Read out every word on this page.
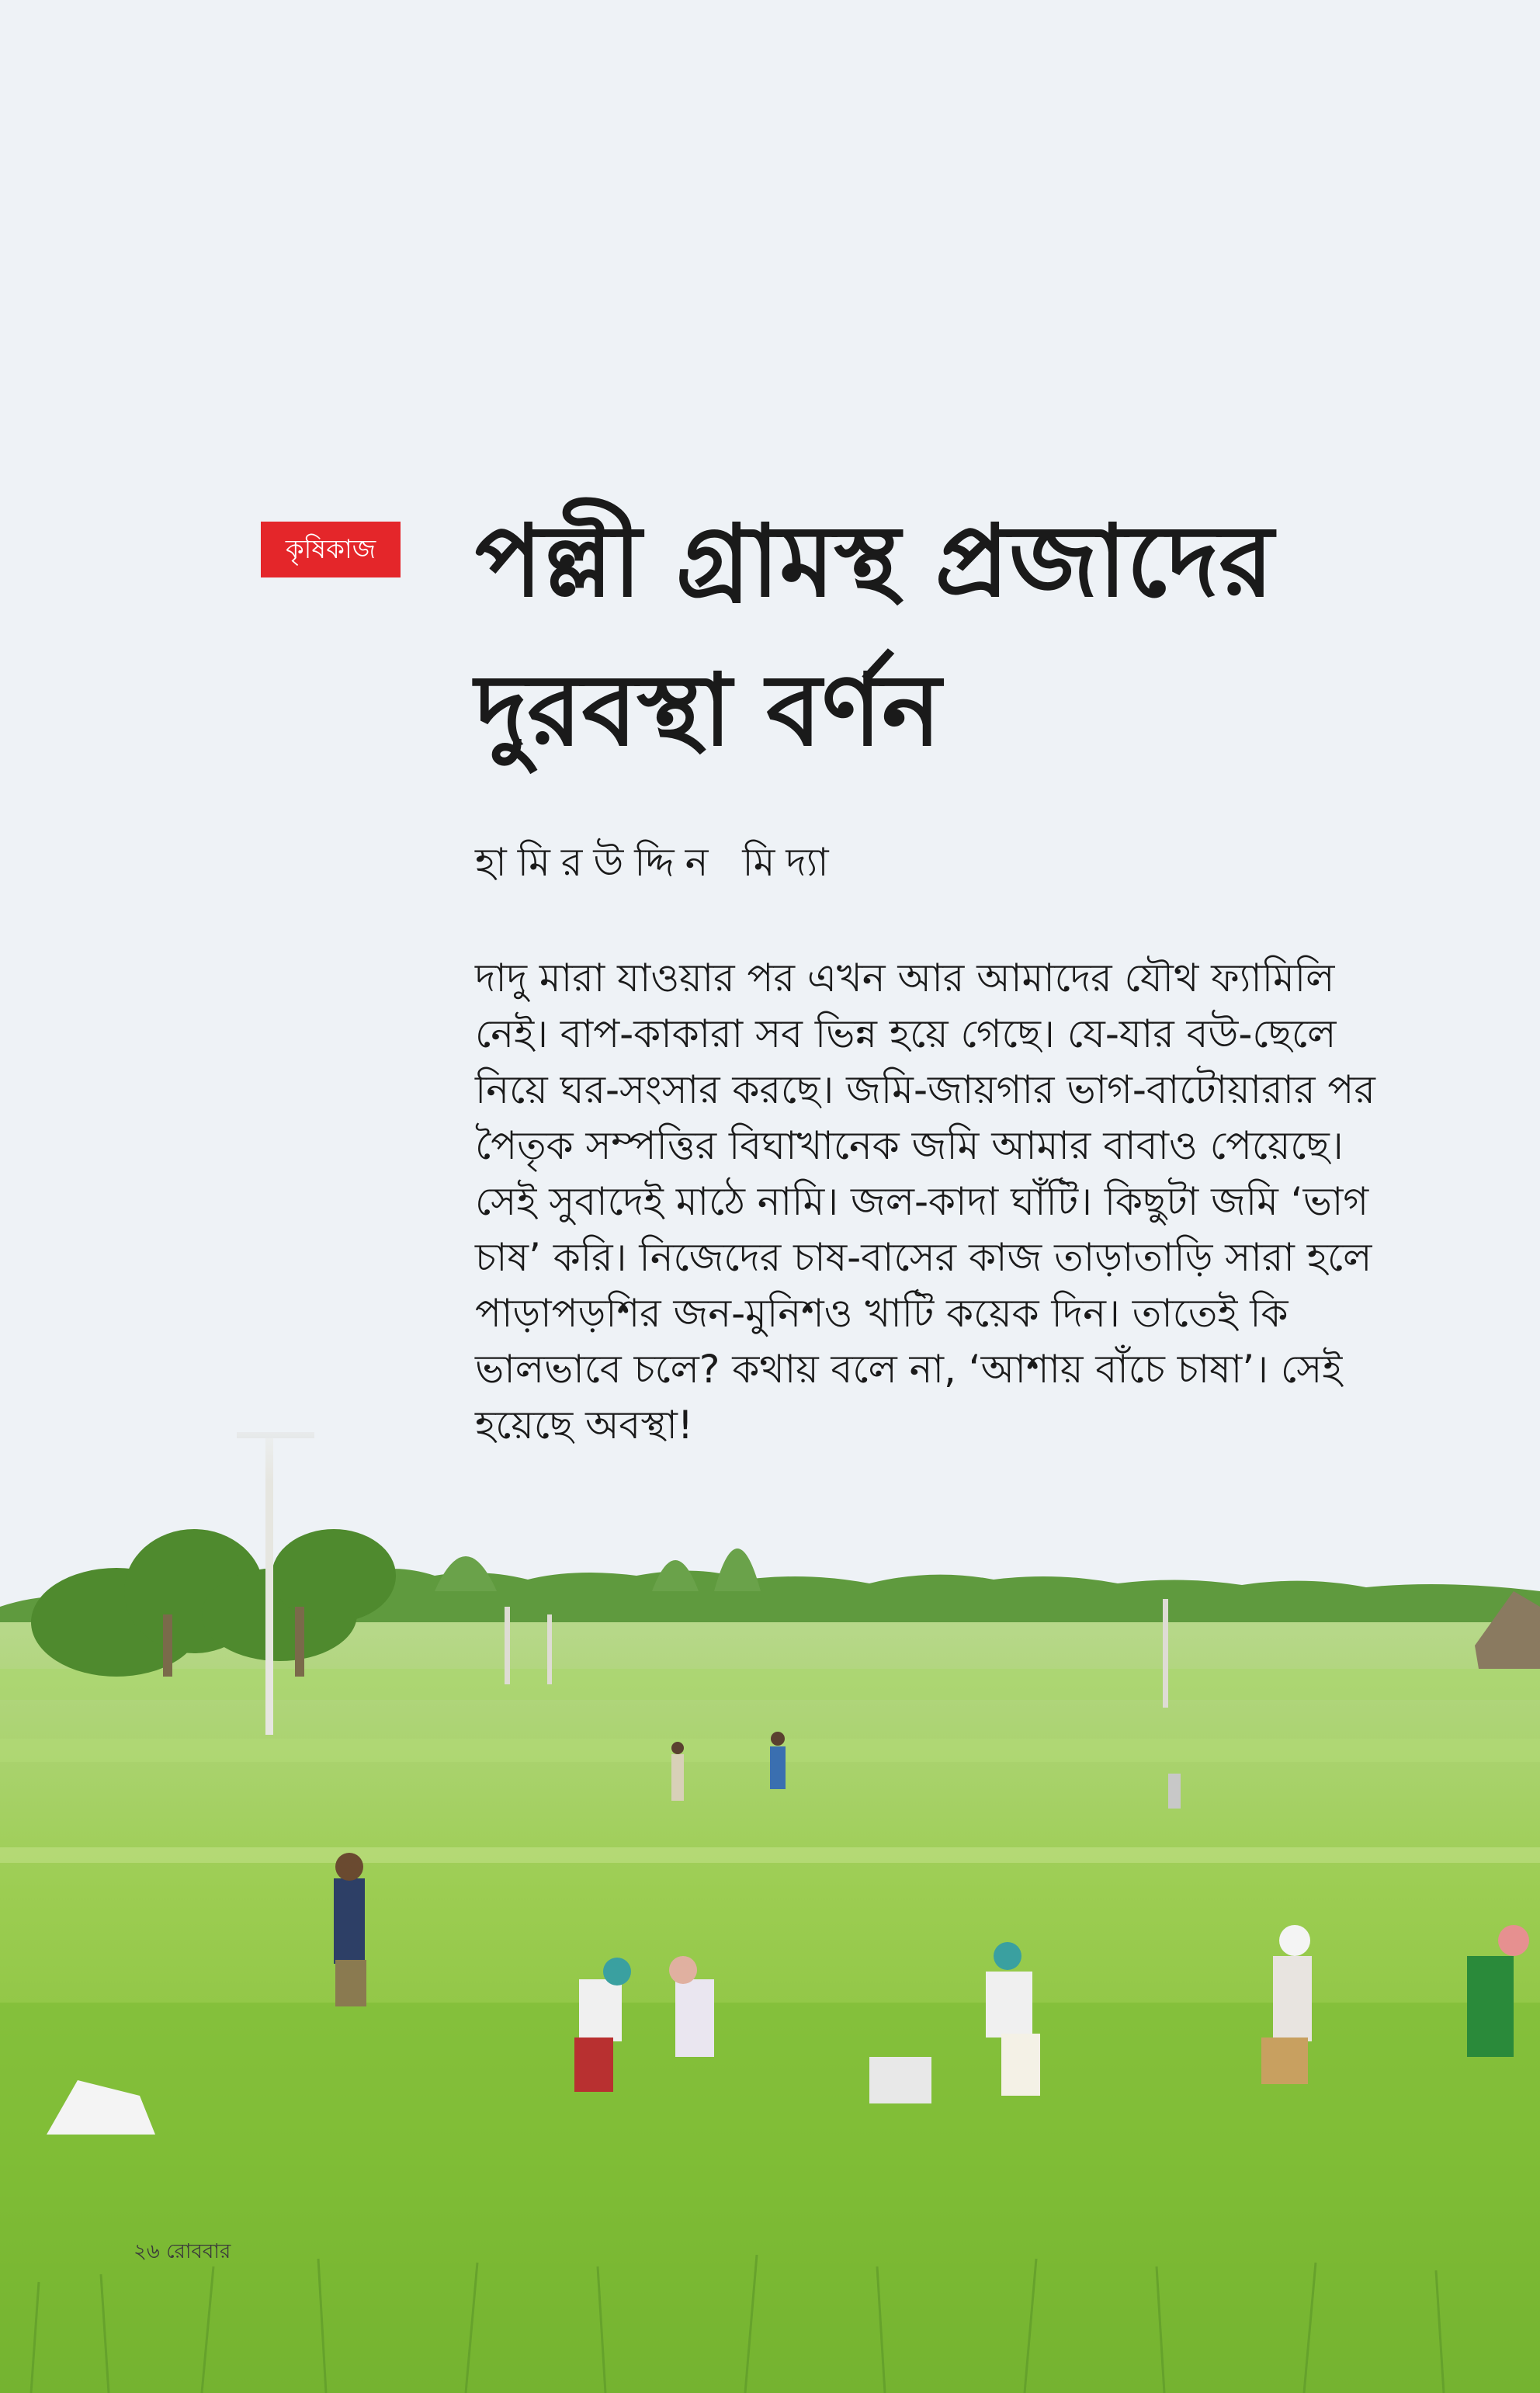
কৃষিকাজ পল্লী গ্রামস্থ প্রজাদের
দুরবস্থা বর্ণন
হামিরউদ্দিন মিদ্যা

দাদু মারা যাওয়ার পর এখন আর আমাদের যৌথ ফ্যামিলি নেই। বাপ-কাকারা সব ভিন্ন হয়ে গেছে। যে-যার বউ-ছেলে নিয়ে ঘর-সংসার করছে। জমি-জায়গার ভাগ-বাটোয়ারার পর পৈতৃক সম্পত্তির বিঘাখানেক জমি আমার বাবাও পেয়েছে। সেই সুবাদেই মাঠে নামি। জল-কাদা ঘাঁটি। কিছুটা জমি ‘ভাগ চাষ’ করি। নিজেদের চাষ-বাসের কাজ তাড়াতাড়ি সারা হলে পাড়াপড়শির জন-মুনিশও খাটি কয়েক দিন। তাতেই কি ভালভাবে চলে? কথায় বলে না, ‘আশায় বাঁচে চাষা’। সেই হয়েছে অবস্থা!

২৬ রোববার
